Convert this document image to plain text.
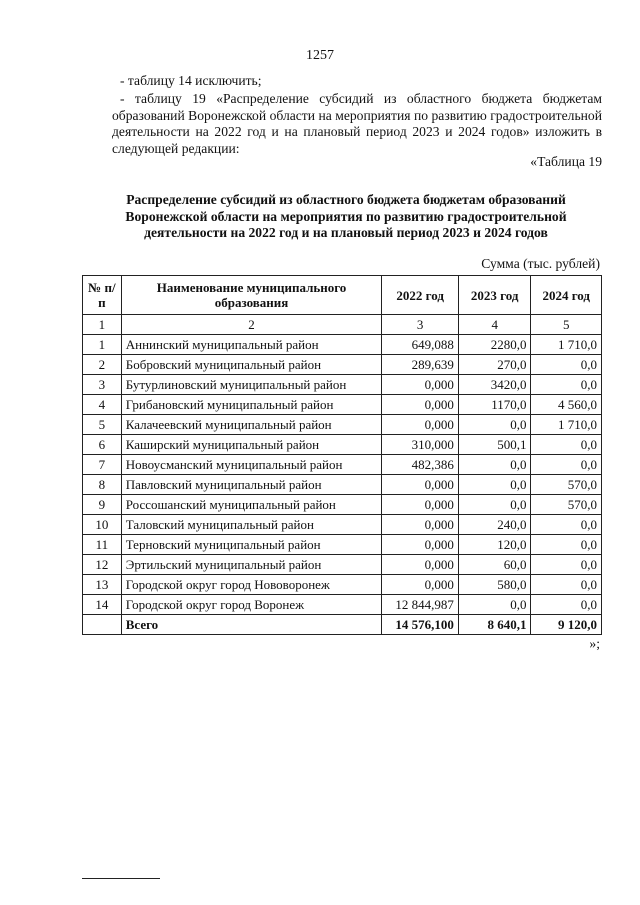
1257
- таблицу 14 исключить;
- таблицу 19 «Распределение субсидий из областного бюджета бюджетам образований Воронежской области на мероприятия по развитию градостроительной деятельности на 2022 год и на плановый период 2023 и 2024 годов» изложить в следующей редакции:
«Таблица 19
Распределение субсидий из областного бюджета бюджетам образований Воронежской области на мероприятия по развитию градостроительной деятельности на 2022 год и на плановый период 2023 и 2024 годов
Сумма (тыс. рублей)
№ п/п	Наименование муниципального образования	2022 год	2023 год	2024 год
1	2	3	4	5
1	Аннинский муниципальный район	649,088	2280,0	1 710,0
2	Бобровский муниципальный район	289,639	270,0	0,0
3	Бутурлиновский муниципальный район	0,000	3420,0	0,0
4	Грибановский муниципальный район	0,000	1170,0	4 560,0
5	Калачеевский муниципальный район	0,000	0,0	1 710,0
6	Каширский муниципальный район	310,000	500,1	0,0
7	Новоусманский муниципальный район	482,386	0,0	0,0
8	Павловский муниципальный район	0,000	0,0	570,0
9	Россошанский муниципальный район	0,000	0,0	570,0
10	Таловский муниципальный район	0,000	240,0	0,0
11	Терновский муниципальный район	0,000	120,0	0,0
12	Эртильский муниципальный район	0,000	60,0	0,0
13	Городской округ город Нововоронеж	0,000	580,0	0,0
14	Городской округ город Воронеж	12 844,987	0,0	0,0
	Всего	14 576,100	8 640,1	9 120,0
»;
